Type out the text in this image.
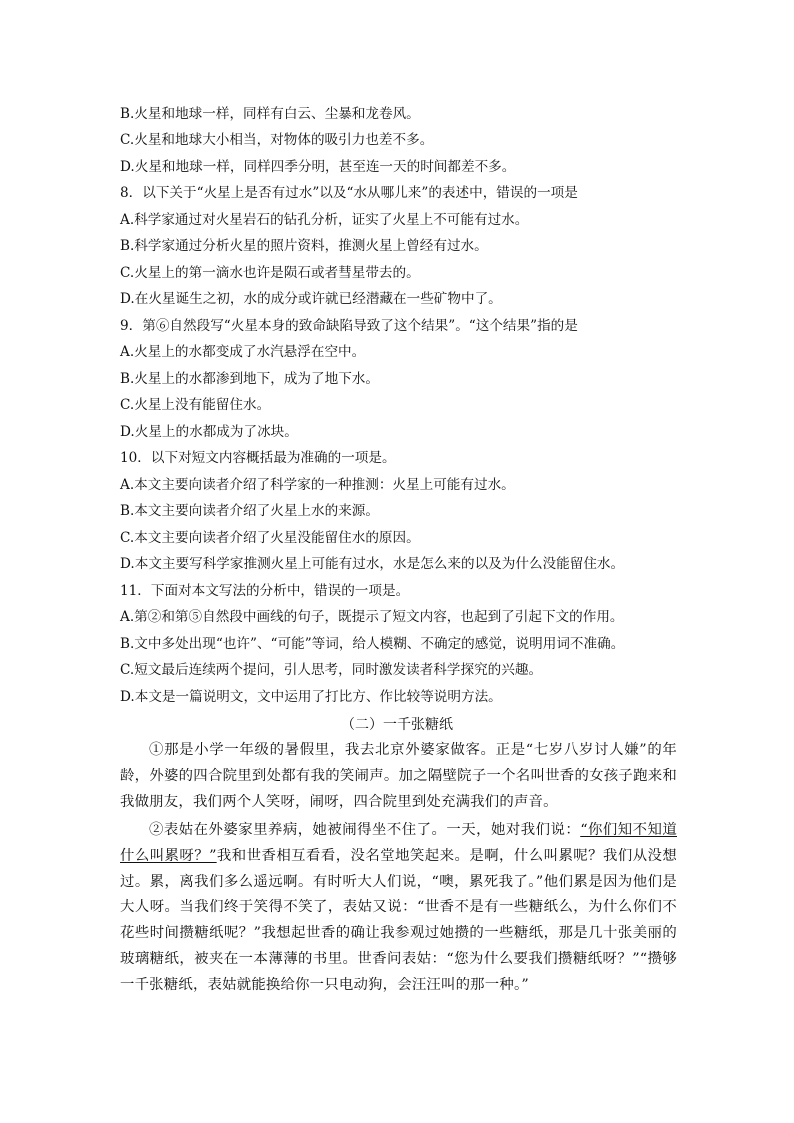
B.火星和地球一样，同样有白云、尘暴和龙卷风。
C.火星和地球大小相当，对物体的吸引力也差不多。
D.火星和地球一样，同样四季分明，甚至连一天的时间都差不多。
8．以下关于“火星上是否有过水”以及“水从哪儿来”的表述中，错误的一项是
A.科学家通过对火星岩石的钻孔分析，证实了火星上不可能有过水。
B.科学家通过分析火星的照片资料，推测火星上曾经有过水。
C.火星上的第一滴水也许是陨石或者彗星带去的。
D.在火星诞生之初，水的成分或许就已经潜藏在一些矿物中了。
9．第⑥自然段写“火星本身的致命缺陷导致了这个结果”。“这个结果”指的是
A.火星上的水都变成了水汽悬浮在空中。
B.火星上的水都渗到地下，成为了地下水。
C.火星上没有能留住水。
D.火星上的水都成为了冰块。
10．以下对短文内容概括最为准确的一项是。
A.本文主要向读者介绍了科学家的一种推测：火星上可能有过水。
B.本文主要向读者介绍了火星上水的来源。
C.本文主要向读者介绍了火星没能留住水的原因。
D.本文主要写科学家推测火星上可能有过水，水是怎么来的以及为什么没能留住水。
11．下面对本文写法的分析中，错误的一项是。
A.第②和第⑤自然段中画线的句子，既提示了短文内容，也起到了引起下文的作用。
B.文中多处出现“也许”、“可能”等词，给人模糊、不确定的感觉，说明用词不准确。
C.短文最后连续两个提问，引人思考，同时激发读者科学探究的兴趣。
D.本文是一篇说明文，文中运用了打比方、作比较等说明方法。
（二）一千张糖纸
①那是小学一年级的暑假里，我去北京外婆家做客。正是“七岁八岁讨人嫌”的年龄，外婆的四合院里到处都有我的笑闹声。加之隔壁院子一个名叫世香的女孩子跑来和我做朋友，我们两个人笑呀，闹呀，四合院里到处充满我们的声音。
②表姑在外婆家里养病，她被闹得坐不住了。一天，她对我们说：“你们知不知道什么叫累呀？”我和世香相互看看，没名堂地笑起来。是啊，什么叫累呢？我们从没想过。累，离我们多么遥远啊。有时听大人们说，“噢，累死我了。”他们累是因为他们是大人呀。当我们终于笑得不笑了，表姑又说：“世香不是有一些糖纸么，为什么你们不花些时间攒糖纸呢？”我想起世香的确让我参观过她攒的一些糖纸，那是几十张美丽的玻璃糖纸，被夹在一本薄薄的书里。世香问表姑：“您为什么要我们攒糖纸呀？”“攒够一千张糖纸，表姑就能换给你一只电动狗，会汪汪叫的那一种。”
